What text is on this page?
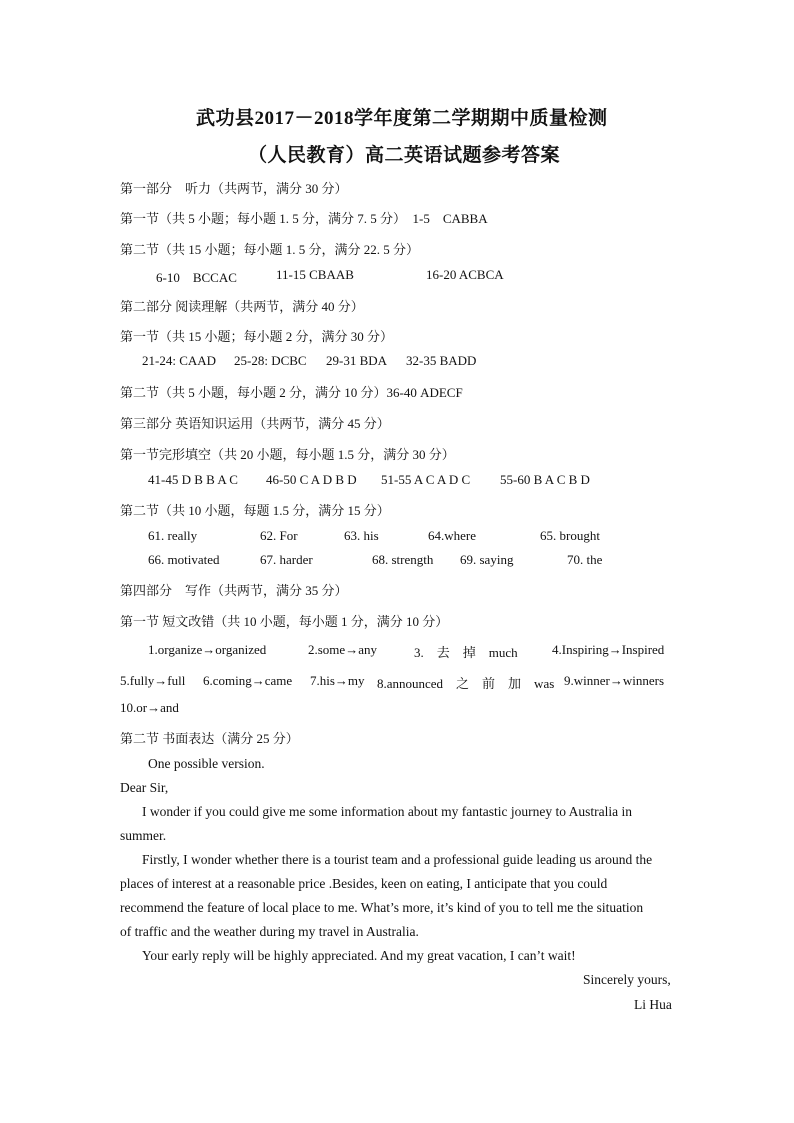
武功县2017－2018学年度第二学期期中质量检测
（人民教育）高二英语试题参考答案
第一部分　听力（共两节，满分 30 分）
第一节（共 5 小题；每小题 1. 5 分，满分 7. 5 分）　1-5　CABBA
第二节（共 15 小题；每小题 1. 5 分，满分 22. 5 分）
6-10　BCCAC	11-15 CBAAB	16-20 ACBCA
第二部分 阅读理解（共两节，满分 40 分）
第一节（共 15 小题；每小题 2 分，满分 30 分）
21-24: CAAD 25-28: DCBC 29-31 BDA 32-35 BADD
第二节（共 5 小题，每小题 2 分，满分 10 分）36-40 ADECF
第三部分 英语知识运用（共两节，满分 45 分）
第一节完形填空（共 20 小题，每小题 1.5 分，满分 30 分）
41-45 D B B A C 46-50 C A D B D 51-55 A C A D C 55-60 B A C B D
第二节（共 10 小题，每题 1.5 分，满分 15 分）
61. really	62. For	63. his	64.where	65. brought
66. motivated	67. harder	68. strength 69. saying	70. the
第四部分　写作（共两节，满分 35 分）
第一节 短文改错（共 10 小题，每小题 1 分，满分 10 分）
1.organize→organized	2.some→any	3.　去　掉　much	4.Inspiring→Inspired
5.fully→full 6.coming→came 7.his→my 8.announced　之　前　加　was 9.winner→winners
10.or→and
第二节 书面表达（满分 25 分）
One possible version.
Dear Sir,
I wonder if you could give me some information about my fantastic journey to Australia in
summer.
Firstly, I wonder whether there is a tourist team and a professional guide leading us around the
places of interest at a reasonable price .Besides, keen on eating, I anticipate that you could
recommend the feature of local place to me. What’s more, it’s kind of you to tell me the situation
of traffic and the weather during my travel in Australia.
Your early reply will be highly appreciated. And my great vacation, I can’t wait!
Sincerely yours,
Li Hua
